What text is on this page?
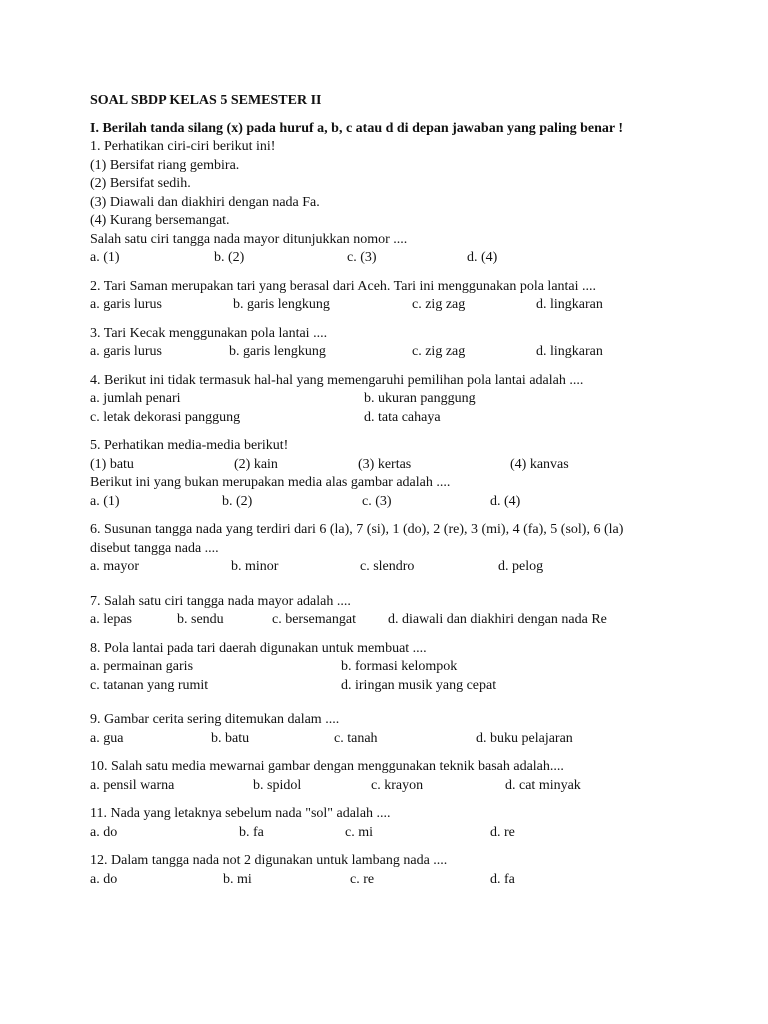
SOAL SBDP KELAS 5 SEMESTER II
I. Berilah tanda silang (x) pada huruf a, b, c atau d di depan jawaban yang paling benar !
1. Perhatikan ciri-ciri berikut ini!
(1) Bersifat riang gembira.
(2) Bersifat sedih.
(3) Diawali dan diakhiri dengan nada Fa.
(4) Kurang bersemangat.
Salah satu ciri tangga nada mayor ditunjukkan nomor ....
a. (1)	b. (2)	c. (3)	d. (4)
2. Tari Saman merupakan tari yang berasal dari Aceh. Tari ini menggunakan pola lantai ....
a. garis lurus	b. garis lengkung	c. zig zag	d. lingkaran
3. Tari Kecak menggunakan pola lantai ....
a. garis lurus	b. garis lengkung	c. zig zag	d. lingkaran
4. Berikut ini tidak termasuk hal-hal yang memengaruhi pemilihan pola lantai adalah ....
a. jumlah penari	b. ukuran panggung
c. letak dekorasi panggung	d. tata cahaya
5. Perhatikan media-media berikut!
(1) batu	(2) kain	(3) kertas	(4) kanvas
Berikut ini yang bukan merupakan media alas gambar adalah ....
a. (1)	b. (2)	c. (3)	d. (4)
6. Susunan tangga nada yang terdiri dari 6 (la), 7 (si), 1 (do), 2 (re), 3 (mi), 4 (fa), 5 (sol), 6 (la)
disebut tangga nada ....
a. mayor	b. minor	c. slendro	d. pelog
7. Salah satu ciri tangga nada mayor adalah ....
a. lepas	b. sendu	c. bersemangat d. diawali dan diakhiri dengan nada Re
8. Pola lantai pada tari daerah digunakan untuk membuat ....
a. permainan garis	b. formasi kelompok
c. tatanan yang rumit	d. iringan musik yang cepat
9. Gambar cerita sering ditemukan dalam ....
a. gua	b. batu	c. tanah	d. buku pelajaran
10. Salah satu media mewarnai gambar dengan menggunakan teknik basah adalah....
a. pensil warna	b. spidol	c. krayon	d. cat minyak
11. Nada yang letaknya sebelum nada "sol" adalah ....
a. do	b. fa	c. mi	d. re
12. Dalam tangga nada not 2 digunakan untuk lambang nada ....
a. do	b. mi	c. re	d. fa
